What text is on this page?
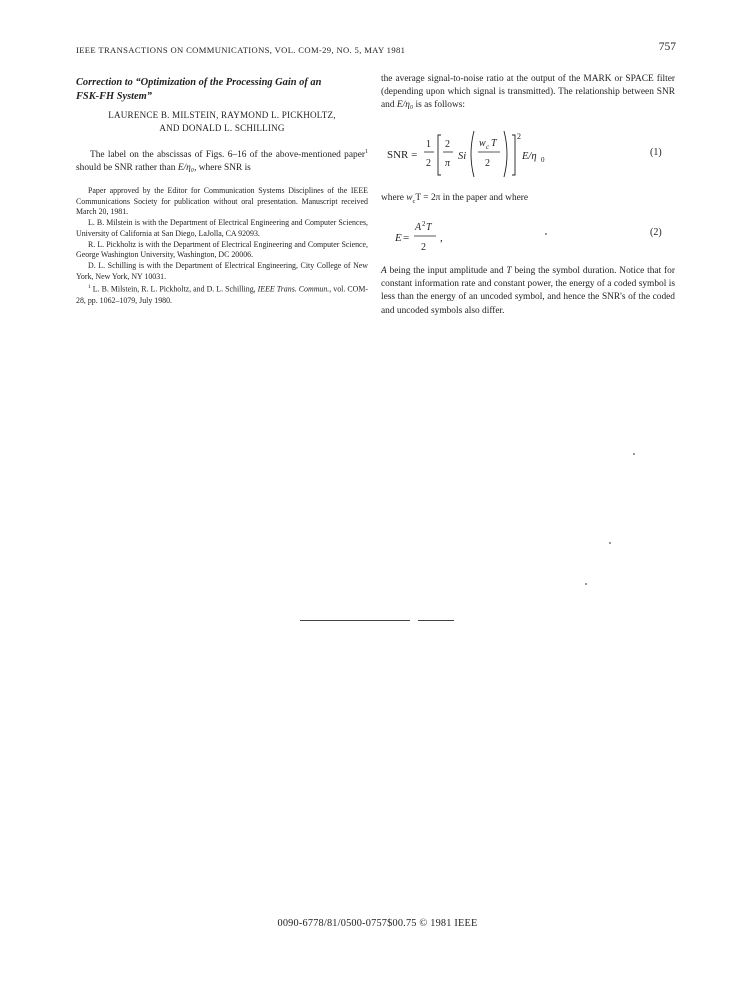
IEEE TRANSACTIONS ON COMMUNICATIONS, VOL. COM-29, NO. 5, MAY 1981	757
Correction to “Optimization of the Processing Gain of an
FSK-FH System”
LAURENCE B. MILSTEIN, RAYMOND L. PICKHOLTZ,
AND DONALD L. SCHILLING
The label on the abscissas of Figs. 6–16 of the above-mentioned paper$^1$ should be SNR rather than E/η₀, where SNR is

Paper approved by the Editor for Communication Systems Disciplines of the IEEE Communications Society for publication without oral presentation. Manuscript received March 20, 1981.

L. B. Milstein is with the Department of Electrical Engineering and Computer Sciences, University of California at San Diego, LaJolla, CA 92093.

R. L. Pickholtz is with the Department of Electrical Engineering and Computer Science, George Washington University, Washington, DC 20006.

D. L. Schilling is with the Department of Electrical Engineering, City College of New York, New York, NY 10031.

$^1$ L. B. Milstein, R. L. Pickholtz, and D. L. Schilling, IEEE Trans. Commun., vol. COM-28, pp. 1062–1079, July 1980.

the average signal-to-noise ratio at the output of the MARK or SPACE filter (depending upon which signal is transmitted). The relationship between SNR and E/η₀ is as follows:
SNR =
1
2
2
π
Si
w c T
2
2
E/η 0
(1)
where $w_cT = 2\pi$ in the paper and where
E =
A 2 T
2
,	(2)
A being the input amplitude and T being the symbol duration. Notice that for constant information rate and constant power, the energy of a coded symbol is less than the energy of an uncoded symbol, and hence the SNR's of the coded and uncoded symbols also differ.
0090-6778/81/0500-0757$00.75 © 1981 IEEE
